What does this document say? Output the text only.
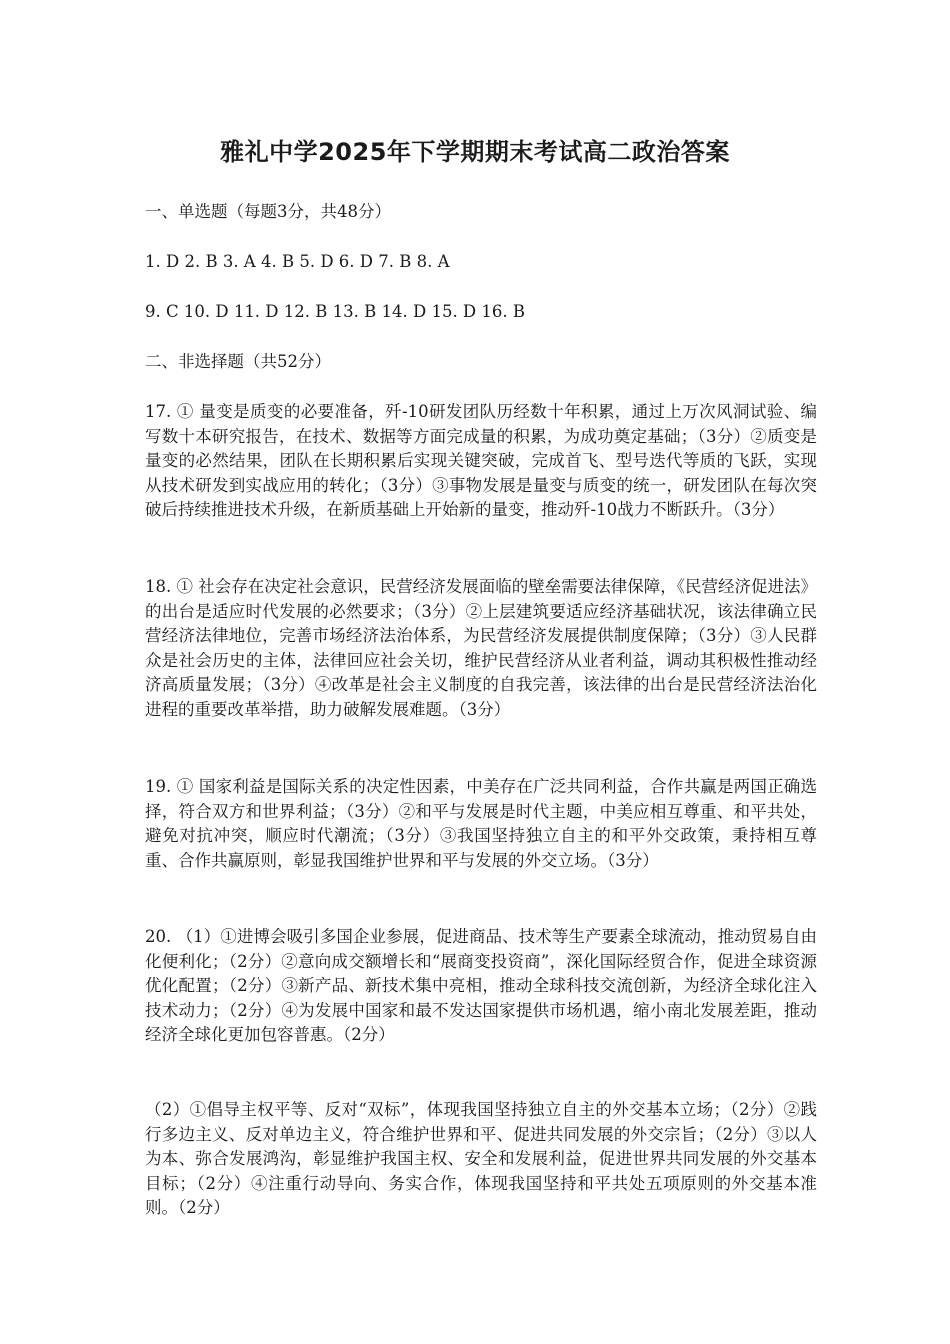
雅礼中学2025年下学期期末考试高二政治答案
一、单选题（每题3分，共48分）
1. D 2. B 3. A 4. B 5. D 6. D 7. B 8. A
9. C 10. D 11. D 12. B 13. B 14. D 15. D 16. B
二、非选择题（共52分）
17. ① 量变是质变的必要准备，歼-10研发团队历经数十年积累，通过上万次风洞试验、编写数十本研究报告，在技术、数据等方面完成量的积累，为成功奠定基础；（3分）②质变是量变的必然结果，团队在长期积累后实现关键突破，完成首飞、型号迭代等质的飞跃，实现从技术研发到实战应用的转化；（3分）③事物发展是量变与质变的统一，研发团队在每次突破后持续推进技术升级，在新质基础上开始新的量变，推动歼-10战力不断跃升。（3分）
18. ① 社会存在决定社会意识，民营经济发展面临的壁垒需要法律保障，《民营经济促进法》的出台是适应时代发展的必然要求；（3分）②上层建筑要适应经济基础状况，该法律确立民营经济法律地位，完善市场经济法治体系，为民营经济发展提供制度保障；（3分）③人民群众是社会历史的主体，法律回应社会关切，维护民营经济从业者利益，调动其积极性推动经济高质量发展；（3分）④改革是社会主义制度的自我完善，该法律的出台是民营经济法治化进程的重要改革举措，助力破解发展难题。（3分）
19. ① 国家利益是国际关系的决定性因素，中美存在广泛共同利益，合作共赢是两国正确选择，符合双方和世界利益；（3分）②和平与发展是时代主题，中美应相互尊重、和平共处，避免对抗冲突，顺应时代潮流；（3分）③我国坚持独立自主的和平外交政策，秉持相互尊重、合作共赢原则，彰显我国维护世界和平与发展的外交立场。（3分）
20. （1）①进博会吸引多国企业参展，促进商品、技术等生产要素全球流动，推动贸易自由化便利化；（2分）②意向成交额增长和“展商变投资商”，深化国际经贸合作，促进全球资源优化配置；（2分）③新产品、新技术集中亮相，推动全球科技交流创新，为经济全球化注入技术动力；（2分）④为发展中国家和最不发达国家提供市场机遇，缩小南北发展差距，推动经济全球化更加包容普惠。（2分）
（2）①倡导主权平等、反对“双标”，体现我国坚持独立自主的外交基本立场；（2分）②践行多边主义、反对单边主义，符合维护世界和平、促进共同发展的外交宗旨；（2分）③以人为本、弥合发展鸿沟，彰显维护我国主权、安全和发展利益，促进世界共同发展的外交基本目标；（2分）④注重行动导向、务实合作，体现我国坚持和平共处五项原则的外交基本准则。（2分）
